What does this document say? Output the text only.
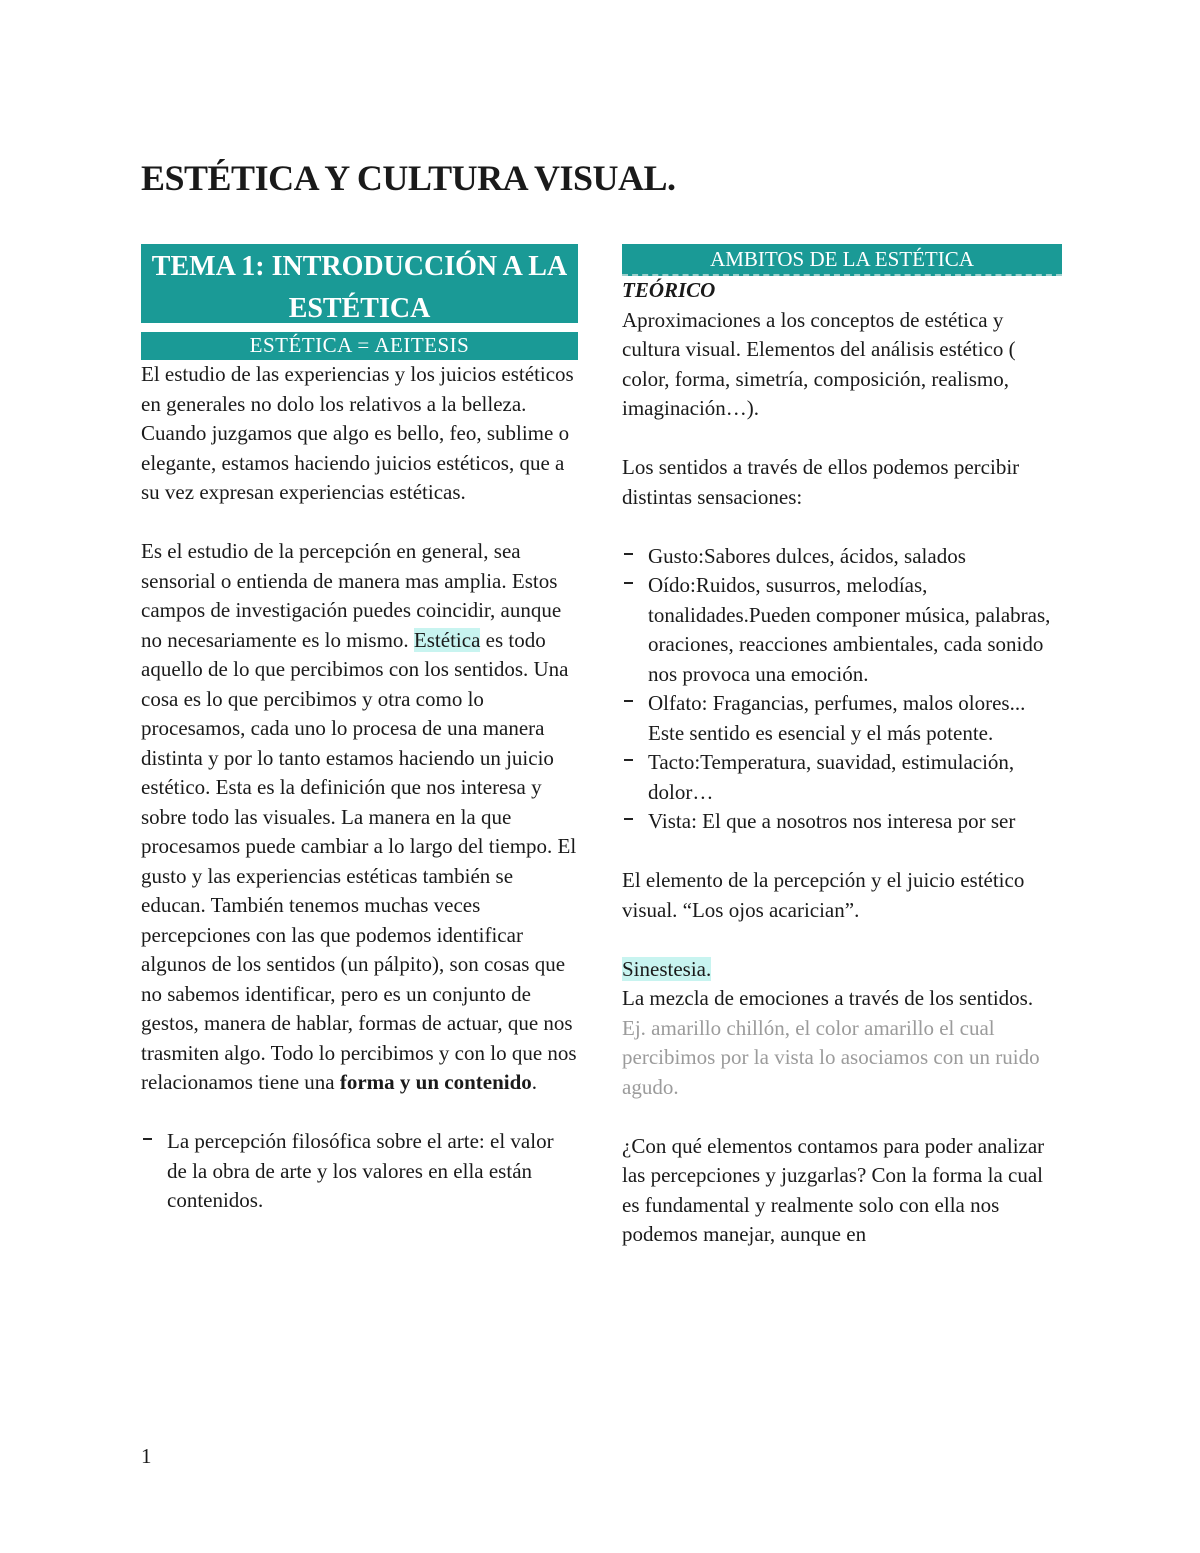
ESTÉTICA Y CULTURA VISUAL.
TEMA 1: INTRODUCCIÓN A LA ESTÉTICA
ESTÉTICA = AEITESIS

El estudio de las experiencias y los juicios estéticos en generales no dolo los relativos a la belleza. Cuando juzgamos que algo es bello, feo, sublime o elegante, estamos haciendo juicios estéticos, que a su vez expresan experiencias estéticas.

Es el estudio de la percepción en general, sea sensorial o entienda de manera mas amplia. Estos campos de investigación puedes coincidir, aunque no necesariamente es lo mismo. Estética es todo aquello de lo que percibimos con los sentidos. Una cosa es lo que percibimos y otra como lo procesamos, cada uno lo procesa de una manera distinta y por lo tanto estamos haciendo un juicio estético. Esta es la definición que nos interesa y sobre todo las visuales. La manera en la que procesamos puede cambiar a lo largo del tiempo. El gusto y las experiencias estéticas también se educan. También tenemos muchas veces percepciones con las que podemos identificar algunos de los sentidos (un pálpito), son cosas que no sabemos identificar, pero es un conjunto de gestos, manera de hablar, formas de actuar, que nos trasmiten algo. Todo lo percibimos y con lo que nos relacionamos tiene una forma y un contenido.

La percepción filosófica sobre el arte: el valor de la obra de arte y los valores en ella están contenidos.
AMBITOS DE LA ESTÉTICA

TEÓRICO

Aproximaciones a los conceptos de estética y cultura visual. Elementos del análisis estético ( color, forma, simetría, composición, realismo, imaginación…).

Los sentidos a través de ellos podemos percibir distintas sensaciones:

Gusto:Sabores dulces, ácidos, salados
Oído:Ruidos, susurros, melodías, tonalidades.Pueden componer música, palabras, oraciones, reacciones ambientales, cada sonido nos provoca una emoción.
Olfato: Fragancias, perfumes, malos olores... Este sentido es esencial y el más potente.
Tacto:Temperatura, suavidad, estimulación, dolor…
Vista: El que a nosotros nos interesa por ser

El elemento de la percepción y el juicio estético visual. “Los ojos acarician”.

Sinestesia.

La mezcla de emociones a través de los sentidos.

Ej. amarillo chillón, el color amarillo el cual percibimos por la vista lo asociamos con un ruido agudo.

¿Con qué elementos contamos para poder analizar las percepciones y juzgarlas? Con la forma la cual es fundamental y realmente solo con ella nos podemos manejar, aunque en

1
